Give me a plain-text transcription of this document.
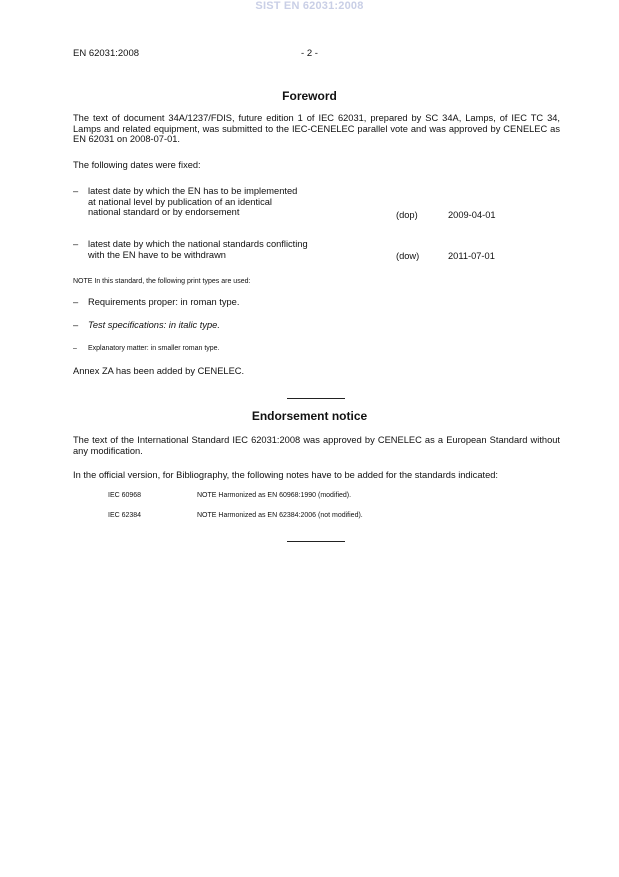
SIST EN 62031:2008
EN 62031:2008	- 2 -
Foreword
The text of document 34A/1237/FDIS, future edition 1 of IEC 62031, prepared by SC 34A, Lamps, of IEC TC 34, Lamps and related equipment, was submitted to the IEC-CENELEC parallel vote and was approved by CENELEC as EN 62031 on 2008-07-01.
The following dates were fixed:
– latest date by which the EN has to be implemented
at national level by publication of an identical
national standard or by endorsement	(dop)	2009-04-01
– latest date by which the national standards conflicting
with the EN have to be withdrawn	(dow)	2011-07-01
NOTE In this standard, the following print types are used:
– Requirements proper: in roman type.
– Test specifications: in italic type.
– Explanatory matter: in smaller roman type.
Annex ZA has been added by CENELEC.
Endorsement notice
The text of the International Standard IEC 62031:2008 was approved by CENELEC as a European Standard without any modification.
In the official version, for Bibliography, the following notes have to be added for the standards indicated:
IEC 60968	NOTE Harmonized as EN 60968:1990 (modified).
IEC 62384	NOTE Harmonized as EN 62384:2006 (not modified).
